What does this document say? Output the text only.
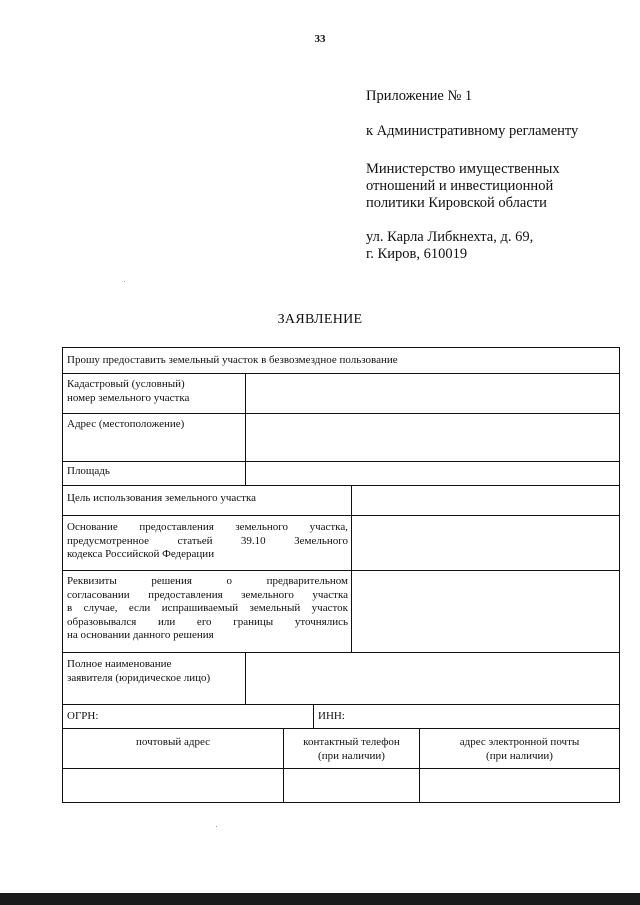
33
Приложение № 1
к Административному регламенту
Министерство имущественных
отношений и инвестиционной
политики Кировской области
ул. Карла Либкнехта, д. 69,
г. Киров, 610019
ЗАЯВЛЕНИЕ
Прошу предоставить земельный участок в безвозмездное пользование
Кадастровый (условный)
номер земельного участка
Адрес (местоположение)
Площадь
Цель использования земельного участка
Основание предоставления земельного участка,
предусмотренное статьей 39.10 Земельного
кодекса Российской Федерации
Реквизиты решения о предварительном
согласовании предоставления земельного участка
в случае, если испрашиваемый земельный участок
образовывался или его границы уточнялись
на основании данного решения
Полное наименование
заявителя (юридическое лицо)
ОГРН:	ИНН:
почтовый адрес	контактный телефон
(при наличии)
адрес электронной почты
(при наличии)
